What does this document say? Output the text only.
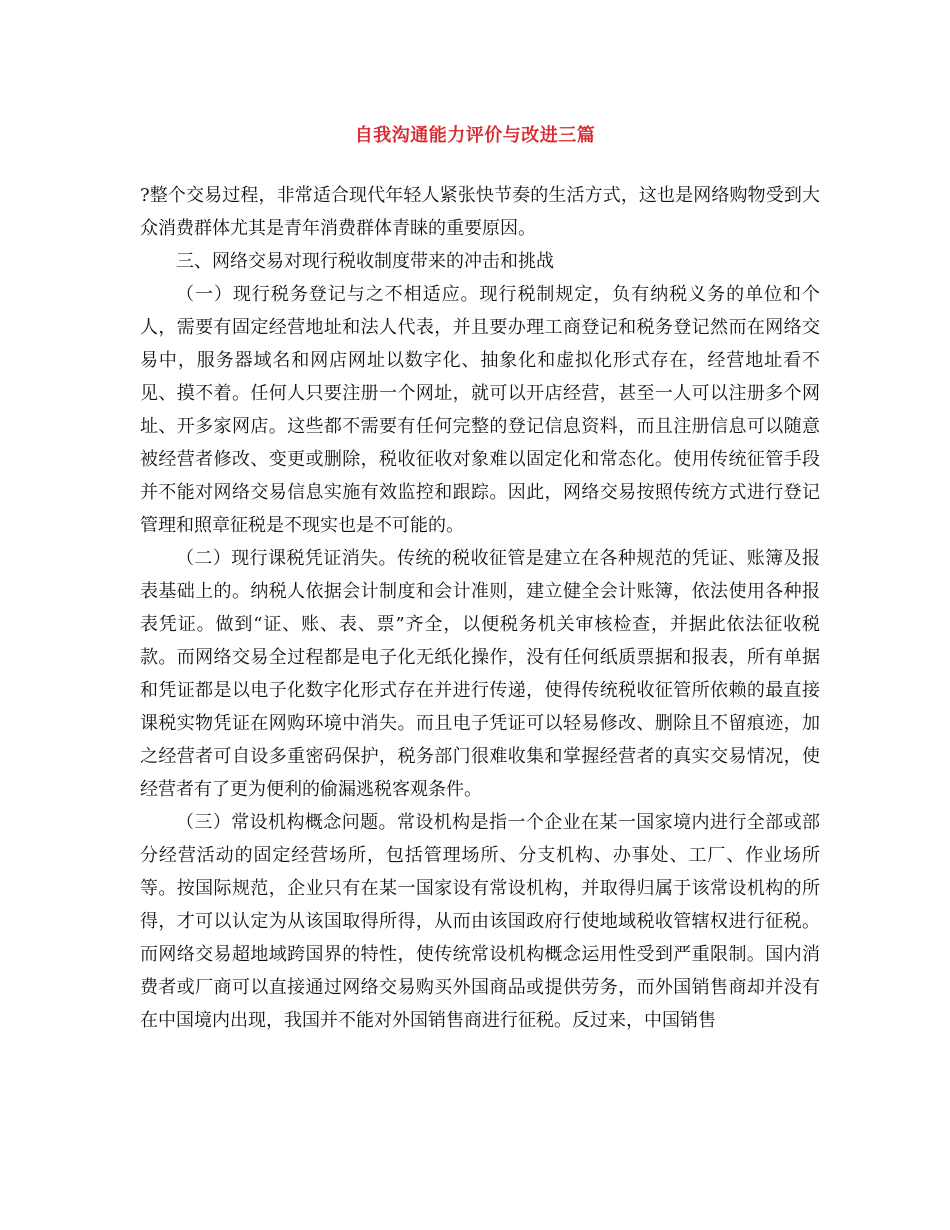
自我沟通能力评价与改进三篇

?整个交易过程，非常适合现代年轻人紧张快节奏的生活方式，这也是网络购物受到大众消费群体尤其是青年消费群体青睐的重要原因。

三、网络交易对现行税收制度带来的冲击和挑战

（一）现行税务登记与之不相适应。现行税制规定，负有纳税义务的单位和个人，需要有固定经营地址和法人代表，并且要办理工商登记和税务登记然而在网络交易中，服务器域名和网店网址以数字化、抽象化和虚拟化形式存在，经营地址看不见、摸不着。任何人只要注册一个网址，就可以开店经营，甚至一人可以注册多个网址、开多家网店。这些都不需要有任何完整的登记信息资料，而且注册信息可以随意被经营者修改、变更或删除，税收征收对象难以固定化和常态化。使用传统征管手段并不能对网络交易信息实施有效监控和跟踪。因此，网络交易按照传统方式进行登记管理和照章征税是不现实也是不可能的。

（二）现行课税凭证消失。传统的税收征管是建立在各种规范的凭证、账簿及报表基础上的。纳税人依据会计制度和会计准则，建立健全会计账簿，依法使用各种报表凭证。做到“证、账、表、票”齐全，以便税务机关审核检查，并据此依法征收税款。而网络交易全过程都是电子化无纸化操作，没有任何纸质票据和报表，所有单据和凭证都是以电子化数字化形式存在并进行传递，使得传统税收征管所依赖的最直接课税实物凭证在网购环境中消失。而且电子凭证可以轻易修改、删除且不留痕迹，加之经营者可自设多重密码保护，税务部门很难收集和掌握经营者的真实交易情况，使经营者有了更为便利的偷漏逃税客观条件。

（三）常设机构概念问题。常设机构是指一个企业在某一国家境内进行全部或部分经营活动的固定经营场所，包括管理场所、分支机构、办事处、工厂、作业场所等。按国际规范，企业只有在某一国家设有常设机构，并取得归属于该常设机构的所得，才可以认定为从该国取得所得，从而由该国政府行使地域税收管辖权进行征税。而网络交易超地域跨国界的特性，使传统常设机构概念运用性受到严重限制。国内消费者或厂商可以直接通过网络交易购买外国商品或提供劳务，而外国销售商却并没有在中国境内出现，我国并不能对外国销售商进行征税。反过来，中国销售
